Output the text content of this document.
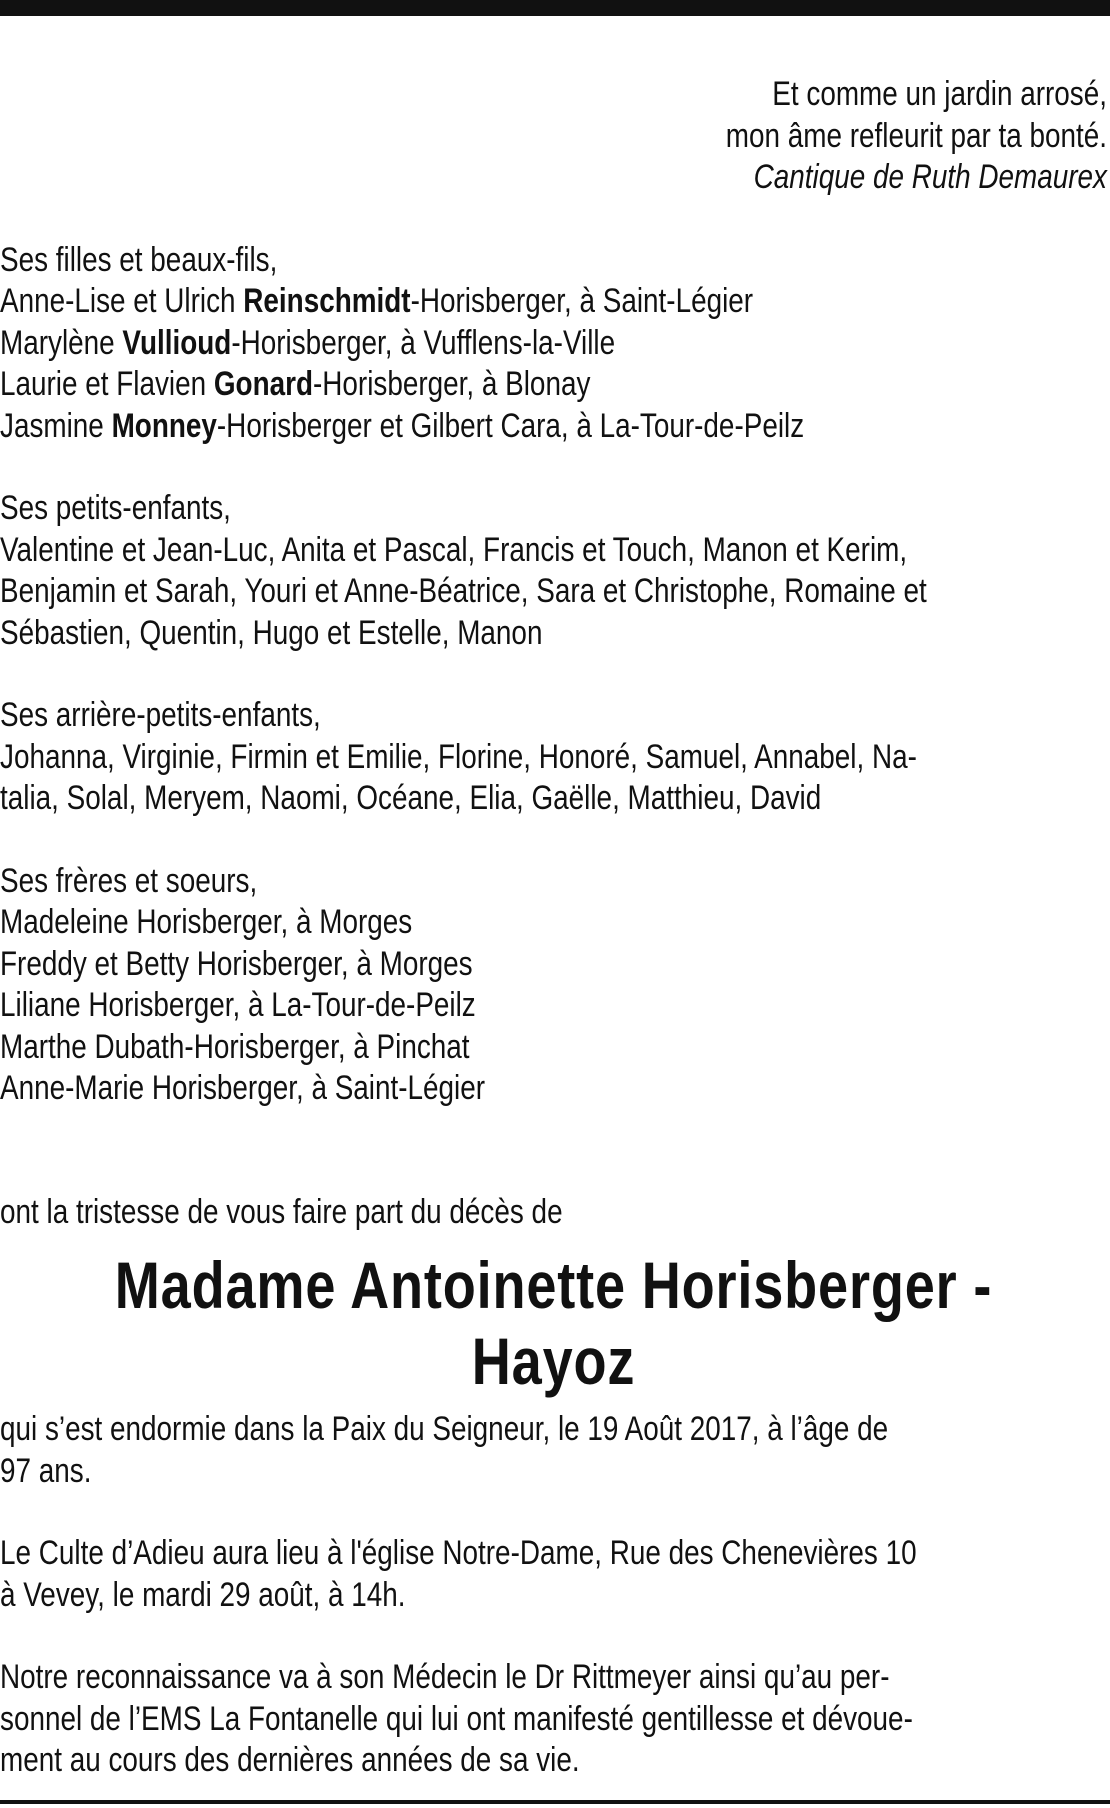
Et comme un jardin arrosé,
mon âme refleurit par ta bonté.
Cantique de Ruth Demaurex
Ses filles et beaux-fils,
Anne-Lise et Ulrich Reinschmidt-Horisberger, à Saint-Légier
Marylène Vullioud-Horisberger, à Vufflens-la-Ville
Laurie et Flavien Gonard-Horisberger, à Blonay
Jasmine Monney-Horisberger et Gilbert Cara, à La-Tour-de-Peilz
Ses petits-enfants,
Valentine et Jean-Luc, Anita et Pascal, Francis et Touch, Manon et Kerim,
Benjamin et Sarah, Youri et Anne-Béatrice, Sara et Christophe, Romaine et
Sébastien, Quentin, Hugo et Estelle, Manon
Ses arrière-petits-enfants,
Johanna, Virginie, Firmin et Emilie, Florine, Honoré, Samuel, Annabel, Na-
talia, Solal, Meryem, Naomi, Océane, Elia, Gaëlle, Matthieu, David
Ses frères et soeurs,
Madeleine Horisberger, à Morges
Freddy et Betty Horisberger, à Morges
Liliane Horisberger, à La-Tour-de-Peilz
Marthe Dubath-Horisberger, à Pinchat
Anne-Marie Horisberger, à Saint-Légier
ont la tristesse de vous faire part du décès de
Madame Antoinette Horisberger -
Hayoz
qui s’est endormie dans la Paix du Seigneur, le 19 Août 2017, à l’âge de
97 ans.
Le Culte d’Adieu aura lieu à l'église Notre-Dame, Rue des Chenevières 10
à Vevey, le mardi 29 août, à 14h.
Notre reconnaissance va à son Médecin le Dr Rittmeyer ainsi qu’au per-
sonnel de l’EMS La Fontanelle qui lui ont manifesté gentillesse et dévoue-
ment au cours des dernières années de sa vie.
